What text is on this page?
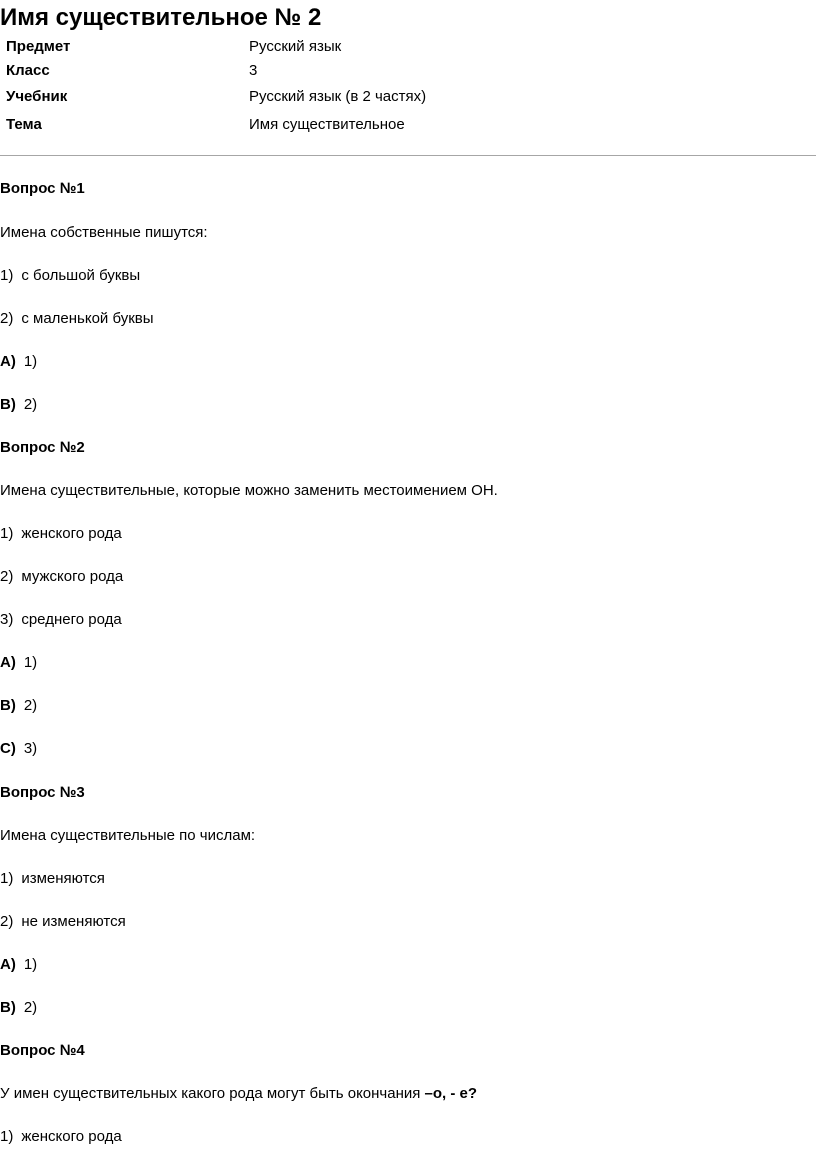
Имя существительное № 2
Предмет	Русский язык
Класс	3
Учебник	Русский язык (в 2 частях)
Тема	Имя существительное
Вопрос №1
Имена собственные пишутся:
1) с большой буквы
2) с маленькой буквы
A) 1)
B) 2)
Вопрос №2
Имена существительные, которые можно заменить местоимением ОН.
1) женского рода
2) мужского рода
3) среднего рода
A) 1)
B) 2)
C) 3)
Вопрос №3
Имена существительные по числам:
1) изменяются
2) не изменяются
A) 1)
B) 2)
Вопрос №4
У имен существительных какого рода могут быть окончания –о, - е?
1) женского рода
